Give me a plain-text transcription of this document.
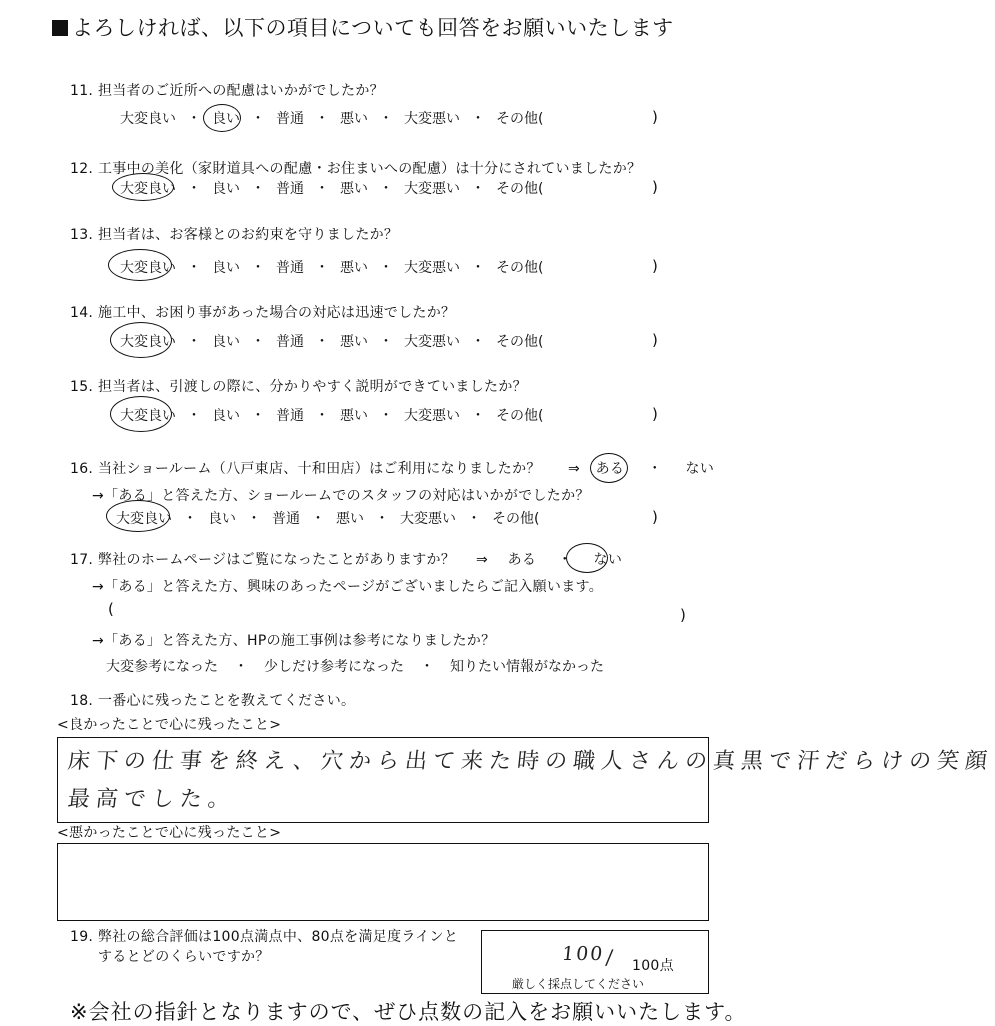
よろしければ、以下の項目についても回答をお願いいたします
11. 担当者のご近所への配慮はいかがでしたか？
大変良い ・ 良い ・ 普通 ・ 悪い ・ 大変悪い ・ その他(	)
12. 工事中の美化（家財道具への配慮・お住まいへの配慮）は十分にされていましたか？
大変良い ・ 良い ・ 普通 ・ 悪い ・ 大変悪い ・ その他(	)
13. 担当者は、お客様とのお約束を守りましたか？
大変良い ・ 良い ・ 普通 ・ 悪い ・ 大変悪い ・ その他(	)
14. 施工中、お困り事があった場合の対応は迅速でしたか？
大変良い ・ 良い ・ 普通 ・ 悪い ・ 大変悪い ・ その他(	)
15. 担当者は、引渡しの際に、分かりやすく説明ができていましたか？
大変良い ・ 良い ・ 普通 ・ 悪い ・ 大変悪い ・ その他(	)
16. 当社ショールーム（八戸東店、十和田店）はご利用になりましたか？ ⇒ ある ・ ない
→「ある」と答えた方、ショールームでのスタッフの対応はいかがでしたか？
大変良い ・ 良い ・ 普通 ・ 悪い ・ 大変悪い ・ その他(	)
17. 弊社のホームページはご覧になったことがありますか？ ⇒ ある ・ ない
→「ある」と答えた方、興味のあったページがございましたらご記入願います。
(	)
→「ある」と答えた方、HPの施工事例は参考になりましたか？
大変参考になった ・ 少しだけ参考になった ・ 知りたい情報がなかった
18. 一番心に残ったことを教えてください。
<良かったことで心に残ったこと>
床下の仕事を終え、穴から出て来た時の職人さんの真黒で汗だらけの笑顔
最高でした。
<悪かったことで心に残ったこと>
19. 弊社の総合評価は100点満点中、80点を満足度ラインと
するとどのくらいですか？	100 / 100点
厳しく採点してください
※会社の指針となりますので、ぜひ点数の記入をお願いいたします。
